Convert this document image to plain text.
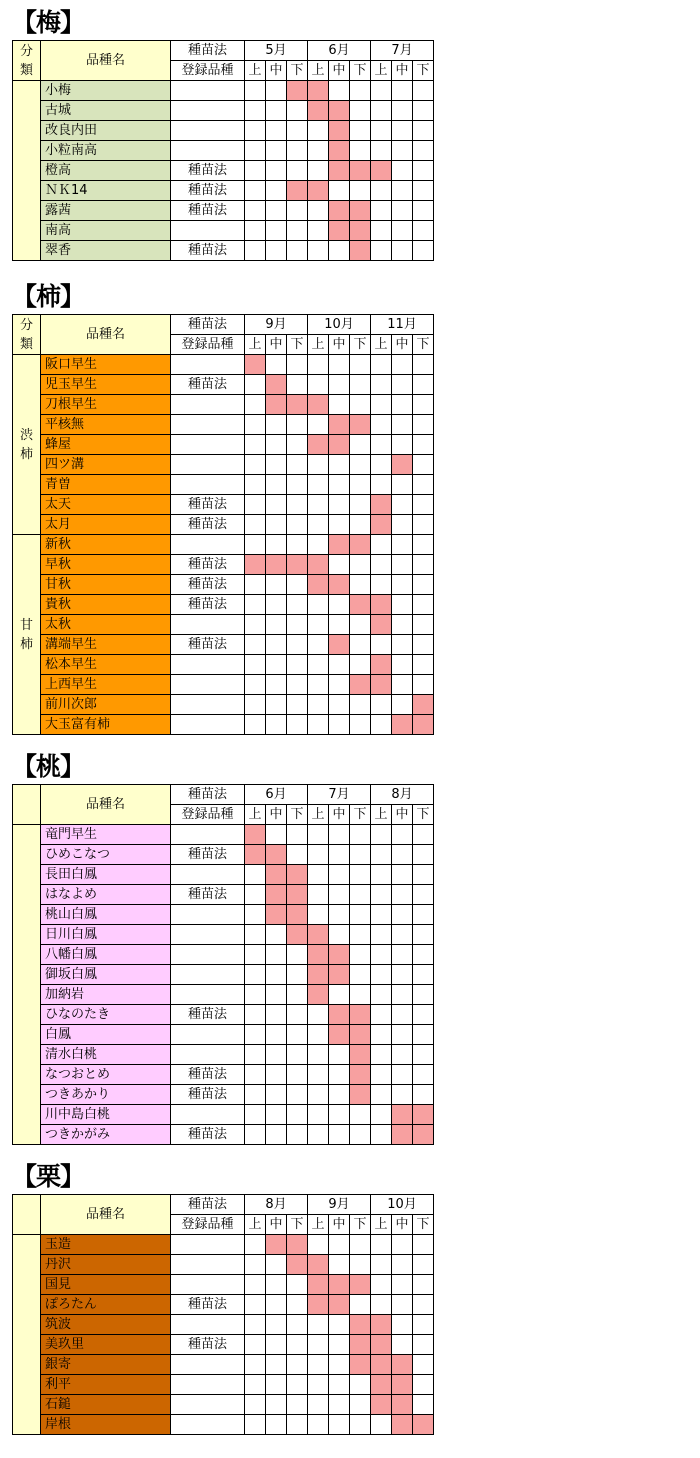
【梅】
分
類	品種名	種苗法	5月			6月			7月		
		登録品種	上	中	下	上	中	下	上	中	下
	小梅										
	古城										
	改良内田										
	小粒南高										
	橙高	種苗法									
	ＮＫ14	種苗法									
	露茜	種苗法									
	南高										
	翠香	種苗法									
【柿】
分
類	品種名	種苗法	9月			10月			11月		
		登録品種	上	中	下	上	中	下	上	中	下

渋柿	阪口早生										
	児玉早生	種苗法									
	刀根早生										
	平核無										
	蜂屋										
	四ツ溝										
	青曽										
	太天	種苗法									
	太月	種苗法									

甘柿	新秋										
	早秋	種苗法									
	甘秋	種苗法									
	貴秋	種苗法									
	太秋										
	溝端早生	種苗法									
	松本早生										
	上西早生										
	前川次郎										
	大玉富有柿										
【桃】
	品種名	種苗法	6月			7月			8月		
		登録品種	上	中	下	上	中	下	上	中	下
	竜門早生										
	ひめこなつ	種苗法									
	長田白鳳										
	はなよめ	種苗法									
	桃山白鳳										
	日川白鳳										
	八幡白鳳										
	御坂白鳳										
	加納岩										
	ひなのたき	種苗法									
	白鳳										
	清水白桃										
	なつおとめ	種苗法									
	つきあかり	種苗法									
	川中島白桃										
	つきかがみ	種苗法									
【栗】
	品種名	種苗法	8月			9月			10月		
		登録品種	上	中	下	上	中	下	上	中	下
	玉造										
	丹沢										
	国見										
	ぽろたん	種苗法									
	筑波										
	美玖里	種苗法									
	銀寄										
	利平										
	石鎚										
	岸根										
